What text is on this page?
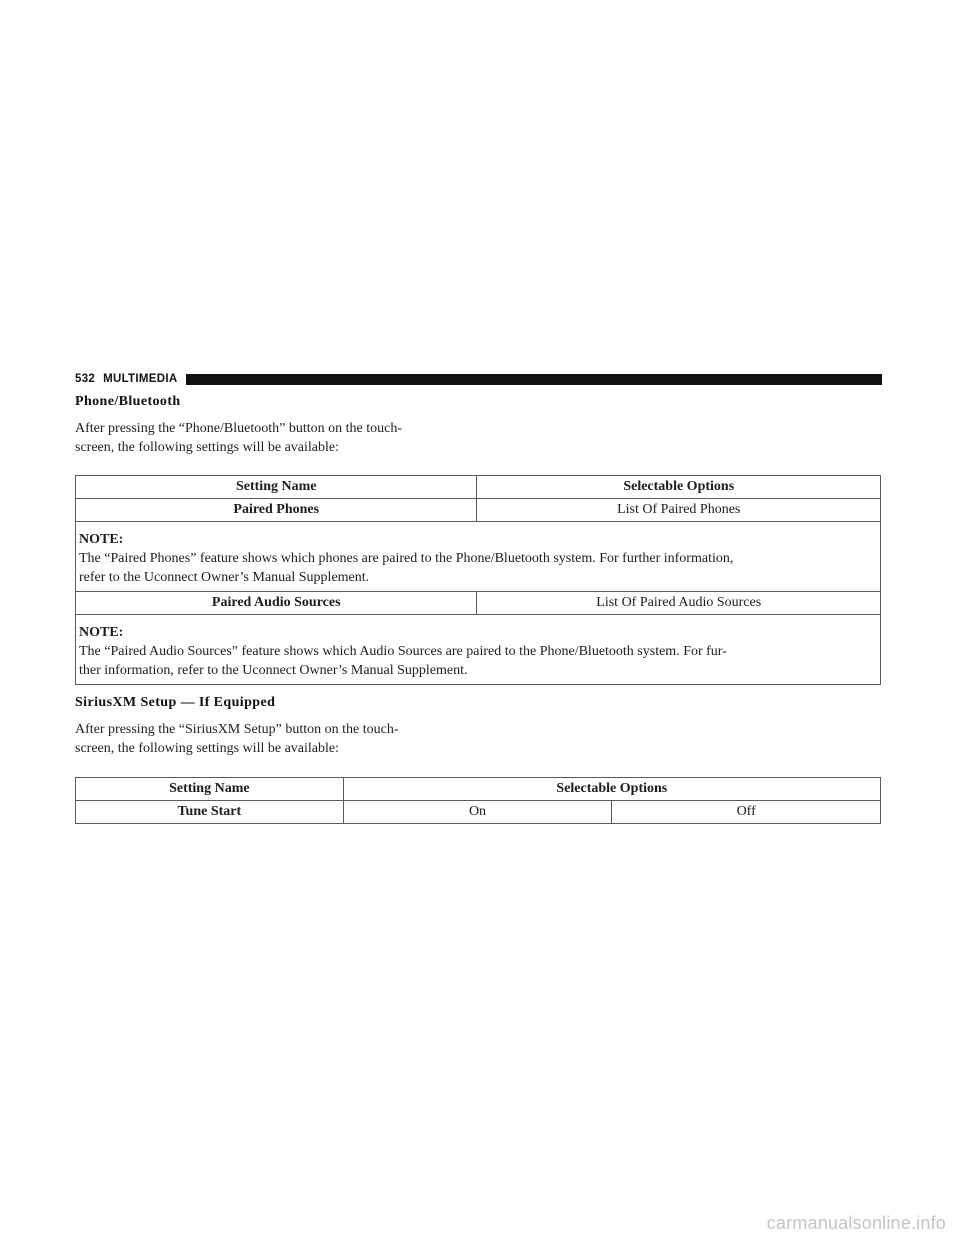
532 MULTIMEDIA
Phone/Bluetooth
After pressing the “Phone/Bluetooth” button on the touch-
screen, the following settings will be available:
Setting Name	Selectable Options
Paired Phones	List Of Paired Phones

NOTE:
The “Paired Phones” feature shows which phones are paired to the Phone/Bluetooth system. For further information,
refer to the Uconnect Owner’s Manual Supplement.	

Paired Audio Sources	List Of Paired Audio Sources

NOTE:
The “Paired Audio Sources” feature shows which Audio Sources are paired to the Phone/Bluetooth system. For fur-
ther information, refer to the Uconnect Owner’s Manual Supplement.	
SiriusXM Setup — If Equipped
After pressing the “SiriusXM Setup” button on the touch-
screen, the following settings will be available:
Setting Name	Selectable Options	
Tune Start	On	Off
carmanualsonline.info
